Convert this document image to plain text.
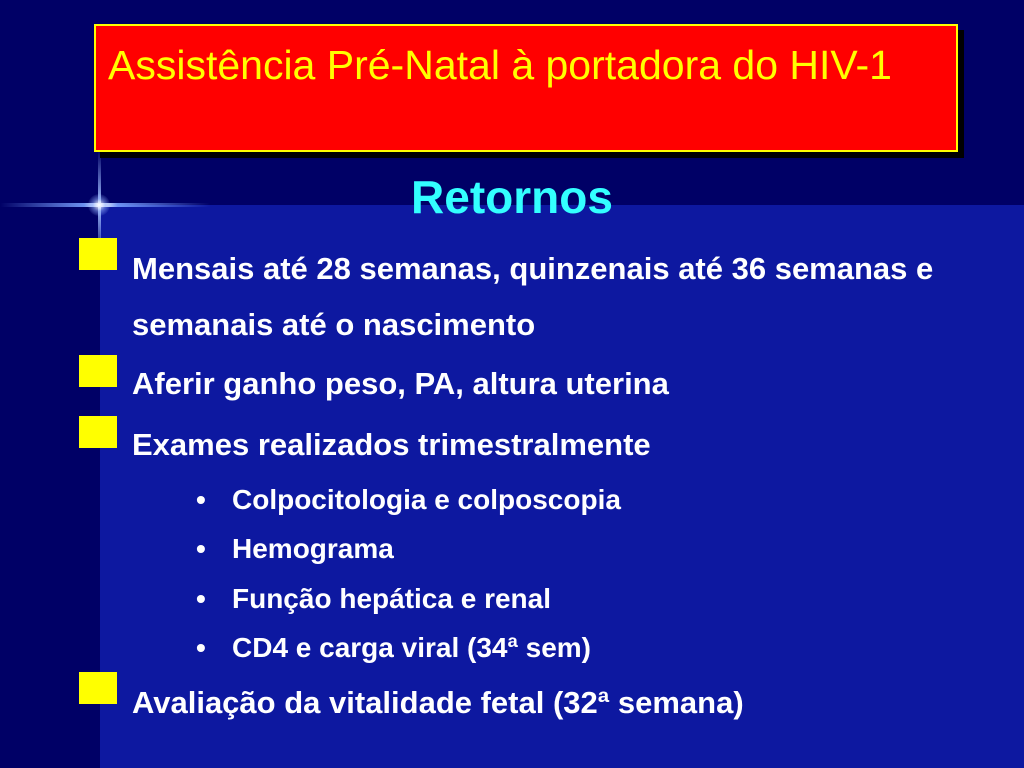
Assistência Pré-Natal à portadora do HIV-1
Retornos
Mensais até 28 semanas, quinzenais até 36 semanas e semanais até o nascimento
Aferir ganho peso, PA, altura uterina
Exames realizados trimestralmente
• Colpocitologia e colposcopia
• Hemograma
• Função hepática e renal
• CD4 e carga viral (34ª sem)
Avaliação da vitalidade fetal (32ª semana)
